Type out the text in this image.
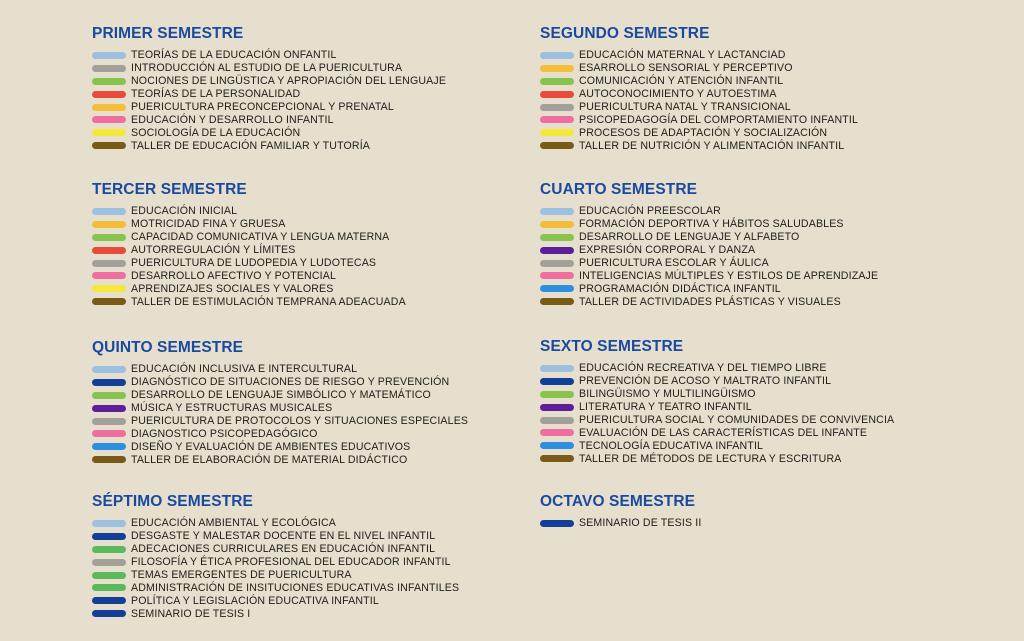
PRIMER SEMESTRE
TEORÍAS DE LA EDUCACIÓN ONFANTIL
INTRODUCCIÓN AL ESTUDIO DE LA PUERICULTURA
NOCIONES DE LINGÜSTICA Y APROPIACIÓN DEL LENGUAJE
TEORÍAS DE LA PERSONALIDAD
PUERICULTURA PRECONCEPCIONAL Y PRENATAL
EDUCACIÓN Y DESARROLLO INFANTIL
SOCIOLOGÍA DE LA EDUCACIÓN
TALLER DE EDUCACIÓN FAMILIAR Y TUTORÍA
SEGUNDO SEMESTRE
EDUCACIÓN MATERNAL Y LACTANCIAD
ESARROLLO SENSORIAL Y PERCEPTIVO
COMUNICACIÓN Y ATENCIÓN INFANTIL
AUTOCONOCIMIENTO Y AUTOESTIMA
PUERICULTURA NATAL Y TRANSICIONAL
PSICOPEDAGOGÍA DEL COMPORTAMIENTO INFANTIL
PROCESOS DE ADAPTACIÓN Y SOCIALIZACIÓN
TALLER DE NUTRICIÓN Y ALIMENTACIÓN INFANTIL
TERCER SEMESTRE
EDUCACIÓN INICIAL
MOTRICIDAD FINA Y GRUESA
CAPACIDAD COMUNICATIVA Y LENGUA MATERNA
AUTORREGULACIÓN Y LÍMITES
PUERICULTURA DE LUDOPEDIA Y LUDOTECAS
DESARROLLO AFECTIVO Y POTENCIAL
APRENDIZAJES SOCIALES Y VALORES
TALLER DE ESTIMULACIÓN TEMPRANA ADEACUADA
CUARTO SEMESTRE
EDUCACIÓN PREESCOLAR
FORMACIÓN DEPORTIVA Y HÁBITOS SALUDABLES
DESARROLLO DE LENGUAJE Y ALFABETO
EXPRESIÓN CORPORAL Y DANZA
PUERICULTURA ESCOLAR Y ÁULICA
INTELIGENCIAS MÚLTIPLES Y ESTILOS DE APRENDIZAJE
PROGRAMACIÓN DIDÁCTICA INFANTIL
TALLER DE ACTIVIDADES PLÁSTICAS Y VISUALES
QUINTO SEMESTRE
EDUCACIÓN INCLUSIVA E INTERCULTURAL
DIAGNÓSTICO DE SITUACIONES DE RIESGO Y PREVENCIÓN
DESARROLLO DE LENGUAJE SIMBÓLICO Y MATEMÁTICO
MÚSICA Y ESTRUCTURAS MUSICALES
PUERICULTURA DE PROTOCOLOS Y SITUACIONES ESPECIALES
DIAGNOSTICO PSICOPEDAGÓGICO
DISEÑO Y EVALUACIÓN DE AMBIENTES EDUCATIVOS
TALLER DE ELABORACIÓN DE MATERIAL DIDÁCTICO
SEXTO SEMESTRE
EDUCACIÓN RECREATIVA Y DEL TIEMPO LIBRE
PREVENCIÓN DE ACOSO Y MALTRATO INFANTIL
BILINGÜISMO Y MULTILINGÜISMO
LITERATURA Y TEATRO INFANTIL
PUERICULTURA SOCIAL Y COMUNIDADES DE CONVIVENCIA
EVALUACIÓN DE LAS CARACTERÍSTICAS DEL INFANTE
TECNOLOGÍA EDUCATIVA INFANTIL
TALLER DE MÉTODOS DE LECTURA Y ESCRITURA
SÉPTIMO SEMESTRE
EDUCACIÓN AMBIENTAL Y ECOLÓGICA
DESGASTE Y MALESTAR DOCENTE EN EL NIVEL INFANTIL
ADECACIONES CURRICULARES EN EDUCACIÓN INFANTIL
FILOSOFÍA Y ÉTICA PROFESIONAL DEL EDUCADOR INFANTIL
TEMAS EMERGENTES DE PUERICULTURA
ADMINISTRACIÓN DE INSITUCIONES EDUCATIVAS INFANTILES
POLÍTICA Y LEGISLACIÓN EDUCATIVA INFANTIL
SEMINARIO DE TESIS I
OCTAVO SEMESTRE
SEMINARIO DE TESIS II
